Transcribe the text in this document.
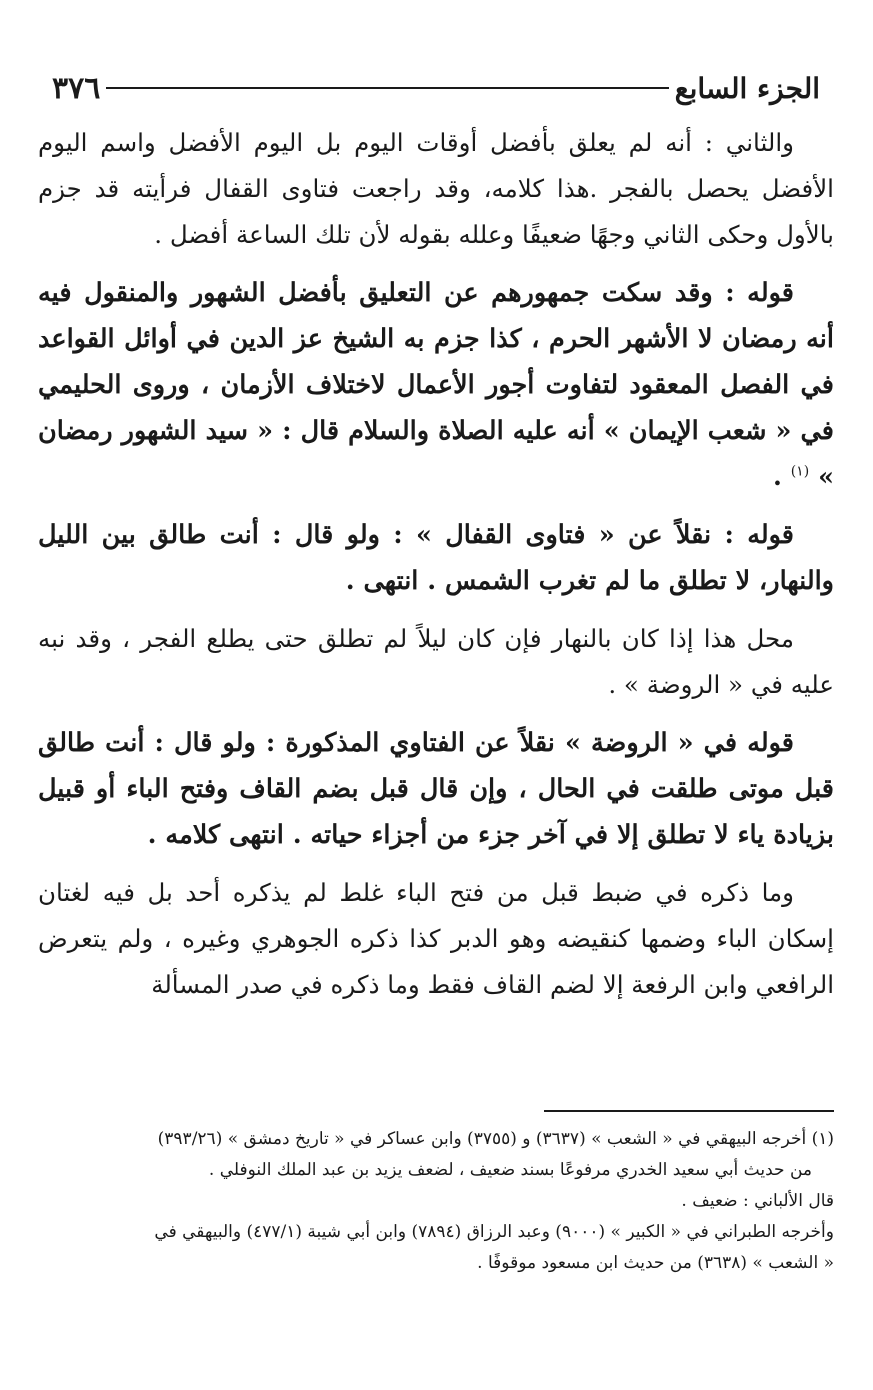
الجزء السابع
٣٧٦

والثاني : أنه لم يعلق بأفضل أوقات اليوم بل اليوم الأفضل واسم اليوم الأفضل يحصل بالفجر .هذا كلامه، وقد راجعت فتاوى القفال فرأيته قد جزم بالأول وحكى الثاني وجهًا ضعيفًا وعلله بقوله لأن تلك الساعة أفضل .

قوله : وقد سكت جمهورهم عن التعليق بأفضل الشهور والمنقول فيه أنه رمضان لا الأشهر الحرم ، كذا جزم به الشيخ عز الدين في أوائل القواعد في الفصل المعقود لتفاوت أجور الأعمال لاختلاف الأزمان ، وروى الحليمي في « شعب الإيمان » أنه عليه الصلاة والسلام قال : « سيد الشهور رمضان » $^{(١)}$ .

قوله : نقلاً عن « فتاوى القفال » : ولو قال : أنت طالق بين الليل والنهار، لا تطلق ما لم تغرب الشمس . انتهى .

محل هذا إذا كان بالنهار فإن كان ليلاً لم تطلق حتى يطلع الفجر ، وقد نبه عليه في « الروضة » .

قوله في « الروضة » نقلاً عن الفتاوي المذكورة : ولو قال : أنت طالق قبل موتى طلقت في الحال ، وإن قال قبل بضم القاف وفتح الباء أو قبيل بزيادة ياء لا تطلق إلا في آخر جزء من أجزاء حياته . انتهى كلامه .

وما ذكره في ضبط قبل من فتح الباء غلط لم يذكره أحد بل فيه لغتان إسكان الباء وضمها كنقيضه وهو الدبر كذا ذكره الجوهري وغيره ، ولم يتعرض الرافعي وابن الرفعة إلا لضم القاف فقط وما ذكره في صدر المسألة

(١) أخرجه البيهقي في « الشعب » (٣٦٣٧) و (٣٧٥٥) وابن عساكر في « تاريخ دمشق » (٣٩٣/٢٦)

من حديث أبي سعيد الخدري مرفوعًا بسند ضعيف ، لضعف يزيد بن عبد الملك النوفلي .

قال الألباني : ضعيف .

وأخرجه الطبراني في « الكبير » (٩٠٠٠) وعبد الرزاق (٧٨٩٤) وابن أبي شيبة (٤٧٧/١) والبيهقي في

« الشعب » (٣٦٣٨) من حديث ابن مسعود موقوفًا .
